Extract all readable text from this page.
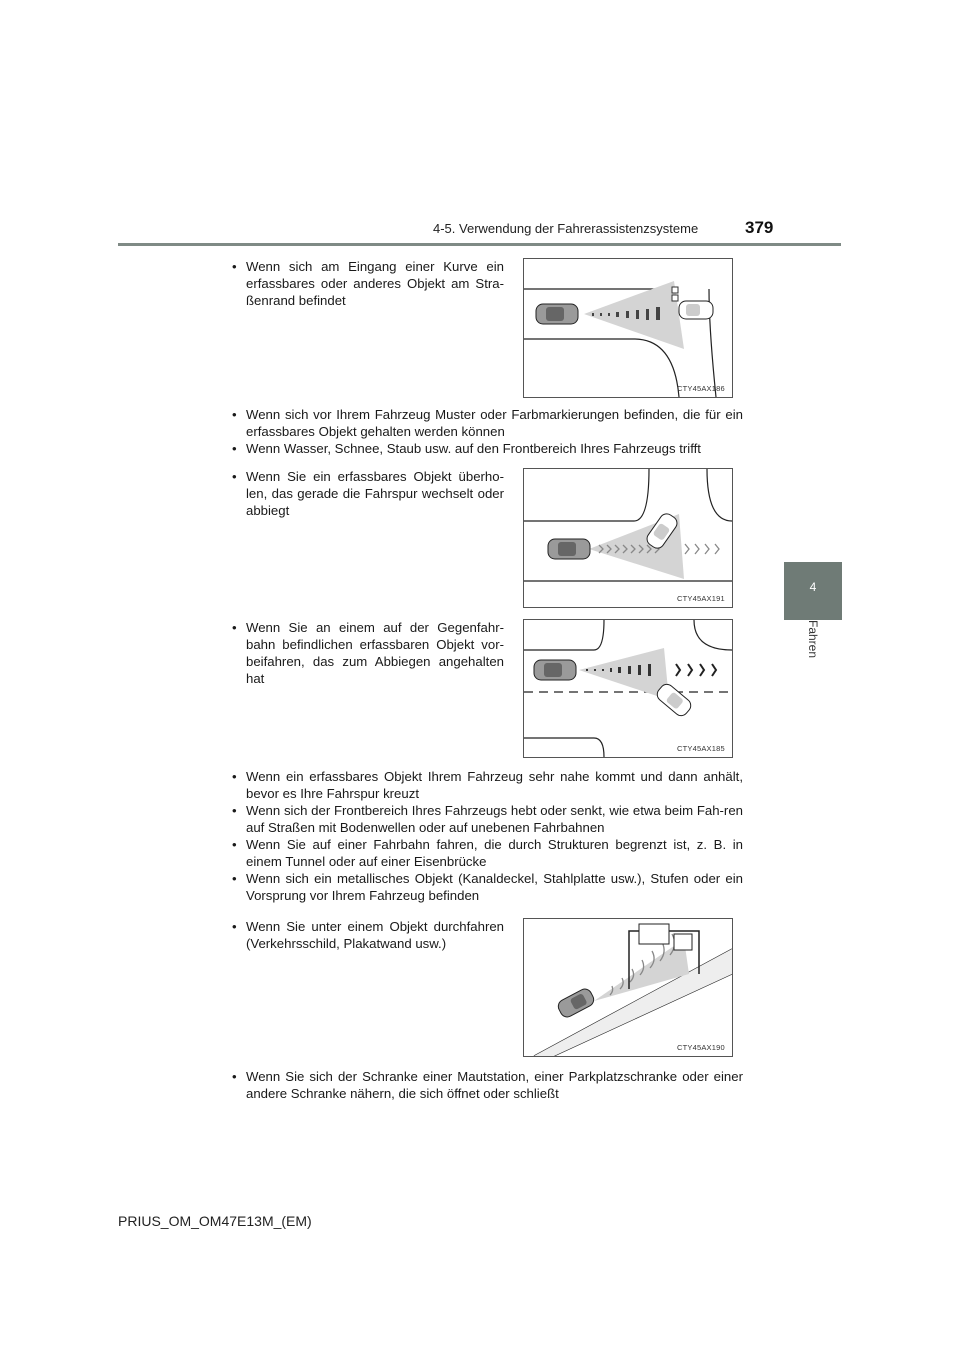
4-5. Verwendung der Fahrerassistenzsysteme	379
4
Fahren
• Wenn sich am Eingang einer Kurve ein erfassbares oder anderes Objekt am Stra-ßenrand befindet
CTY45AX186
• Wenn sich vor Ihrem Fahrzeug Muster oder Farbmarkierungen befinden, die für ein erfassbares Objekt gehalten werden können
• Wenn Wasser, Schnee, Staub usw. auf den Frontbereich Ihres Fahrzeugs trifft
• Wenn Sie ein erfassbares Objekt überho-len, das gerade die Fahrspur wechselt oder abbiegt
CTY45AX191
• Wenn Sie an einem auf der Gegenfahr-bahn befindlichen erfassbaren Objekt vor-beifahren, das zum Abbiegen angehalten hat
CTY45AX185
• Wenn ein erfassbares Objekt Ihrem Fahrzeug sehr nahe kommt und dann anhält, bevor es Ihre Fahrspur kreuzt
• Wenn sich der Frontbereich Ihres Fahrzeugs hebt oder senkt, wie etwa beim Fah-ren auf Straßen mit Bodenwellen oder auf unebenen Fahrbahnen
• Wenn Sie auf einer Fahrbahn fahren, die durch Strukturen begrenzt ist, z. B. in einem Tunnel oder auf einer Eisenbrücke
• Wenn sich ein metallisches Objekt (Kanaldeckel, Stahlplatte usw.), Stufen oder ein Vorsprung vor Ihrem Fahrzeug befinden
• Wenn Sie unter einem Objekt durchfahren (Verkehrsschild, Plakatwand usw.)
CTY45AX190
• Wenn Sie sich der Schranke einer Mautstation, einer Parkplatzschranke oder einer andere Schranke nähern, die sich öffnet oder schließt
PRIUS_OM_OM47E13M_(EM)
